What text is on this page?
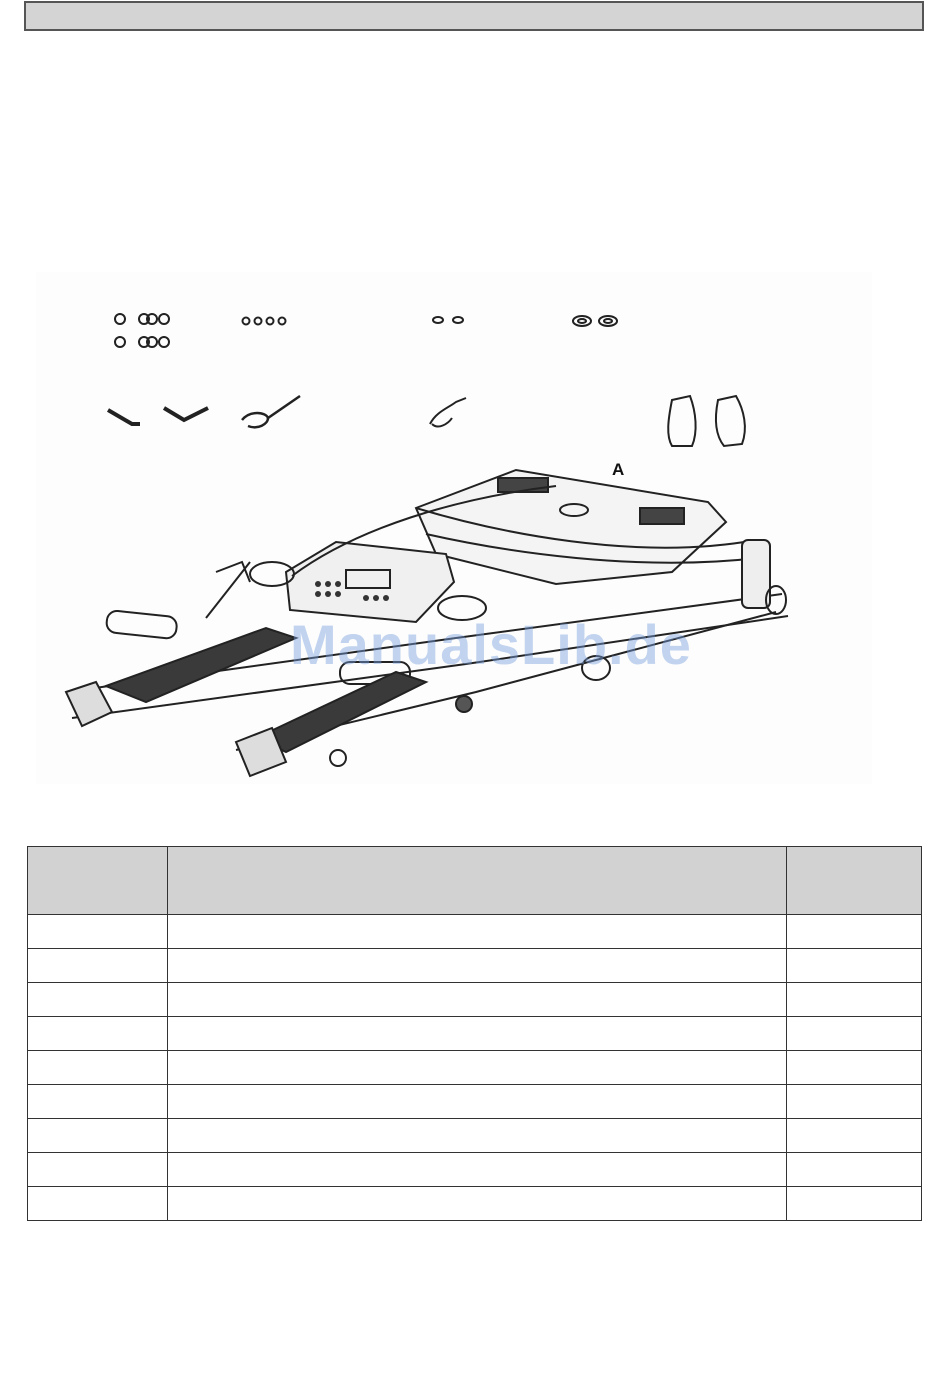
A
ManualsLib.de
